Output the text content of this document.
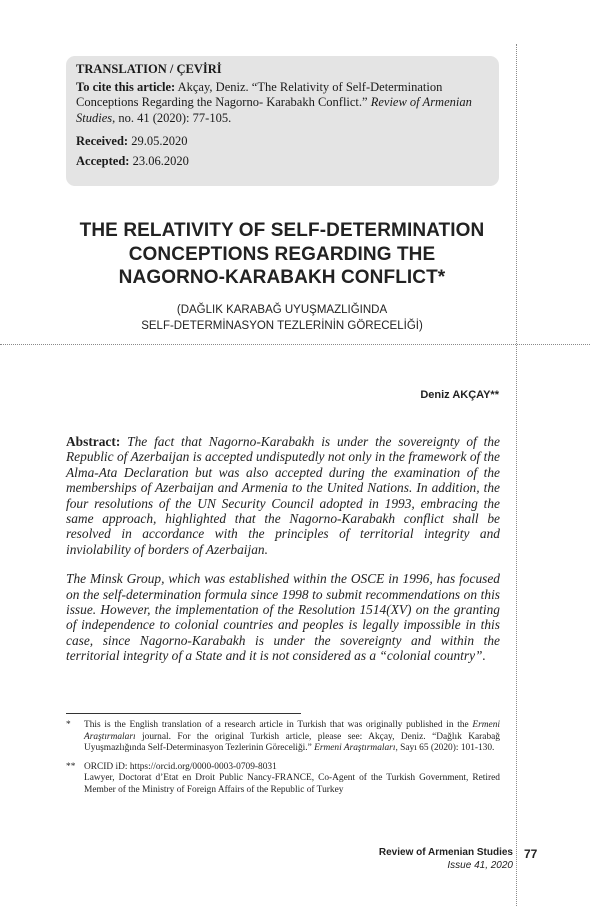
TRANSLATION / ÇEVİRİ
To cite this article: Akçay, Deniz. “The Relativity of Self-Determination Conceptions Regarding the Nagorno- Karabakh Conflict.” Review of Armenian Studies, no. 41 (2020): 77-105.
Received: 29.05.2020
Accepted: 23.06.2020
THE RELATIVITY OF SELF-DETERMINATION
CONCEPTIONS REGARDING THE
NAGORNO-KARABAKH CONFLICT*
(DAĞLIK KARABAĞ UYUŞMAZLIĞINDA
SELF-DETERMİNASYON TEZLERİNİN GÖRECELİĞİ)
Deniz AKÇAY**

Abstract: The fact that Nagorno-Karabakh is under the sovereignty of the Republic of Azerbaijan is accepted undisputedly not only in the framework of the Alma-Ata Declaration but was also accepted during the examination of the memberships of Azerbaijan and Armenia to the United Nations. In addition, the four resolutions of the UN Security Council adopted in 1993, embracing the same approach, highlighted that the Nagorno-Karabakh conflict shall be resolved in accordance with the principles of territorial integrity and inviolability of borders of Azerbaijan.

The Minsk Group, which was established within the OSCE in 1996, has focused on the self-determination formula since 1998 to submit recommendations on this issue. However, the implementation of the Resolution 1514(XV) on the granting of independence to colonial countries and peoples is legally impossible in this case, since Nagorno-Karabakh is under the sovereignty and within the territorial integrity of a State and it is not considered as a “colonial country”.

*	This is the English translation of a research article in Turkish that was originally published in the Ermeni Araştırmaları journal. For the original Turkish article, please see: Akçay, Deniz. “Dağlık Karabağ Uyuşmazlığında Self-Determinasyon Tezlerinin Göreceliği.” Ermeni Araştırmaları, Sayı 65 (2020): 101-130.
** ORCID iD: https://orcid.org/0000-0003-0709-8031
Lawyer, Doctorat d’Etat en Droit Public Nancy-FRANCE, Co-Agent of the Turkish Government, Retired Member of the Ministry of Foreign Affairs of the Republic of Turkey
Review of Armenian Studies
Issue 41, 2020
77
